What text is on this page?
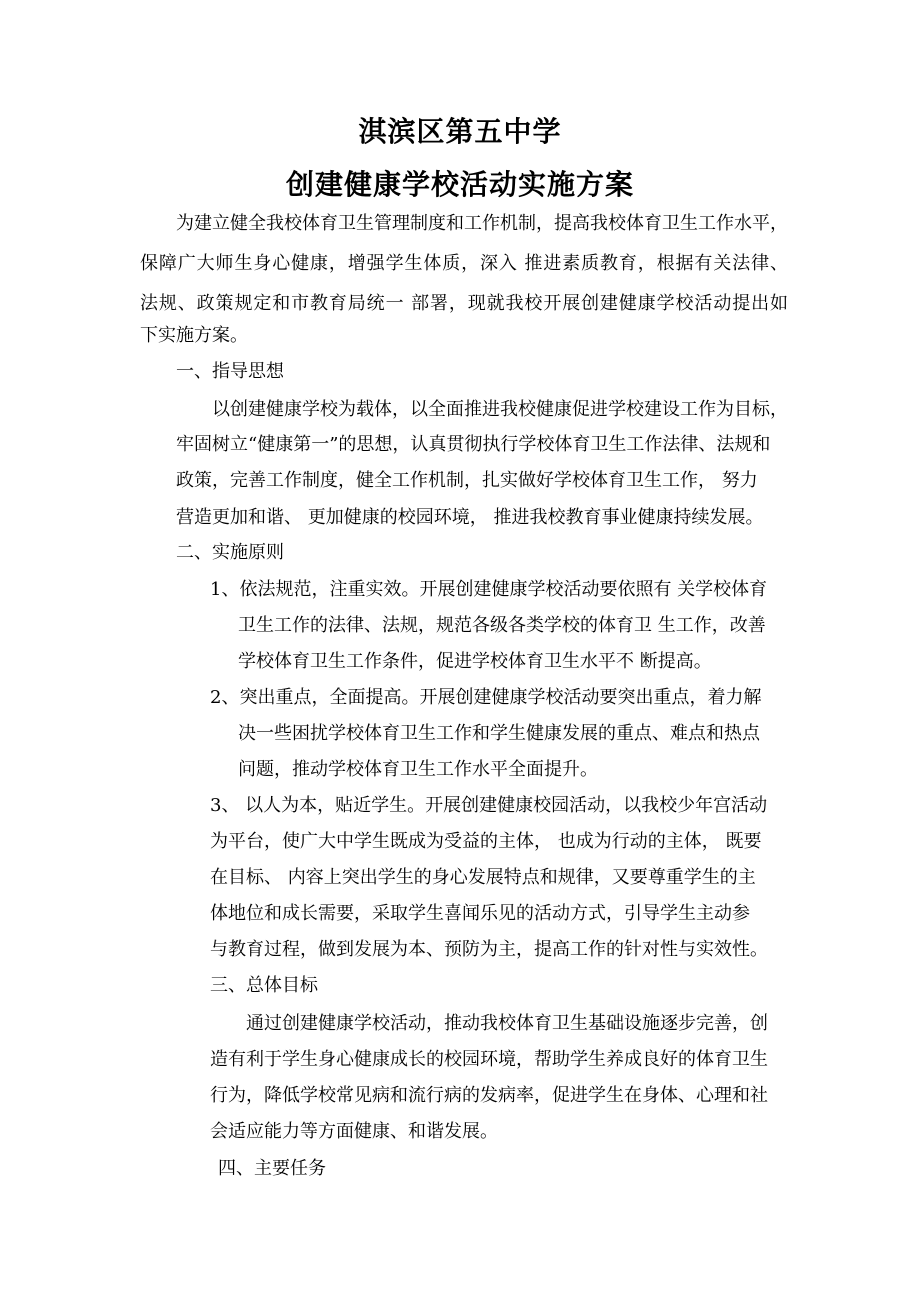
淇滨区第五中学
创建健康学校活动实施方案
为建立健全我校体育卫生管理制度和工作机制，提高我校体育卫生工作水平，
保障广大师生身心健康，增强学生体质，深入 推进素质教育，根据有关法律、
法规、政策规定和市教育局统一 部署，现就我校开展创建健康学校活动提出如
下实施方案。
一、指导思想
以创建健康学校为载体，以全面推进我校健康促进学校建设工作为目标，
牢固树立“健康第一”的思想，认真贯彻执行学校体育卫生工作法律、法规和
政策，完善工作制度，健全工作机制，扎实做好学校体育卫生工作， 努力
营造更加和谐、 更加健康的校园环境， 推进我校教育事业健康持续发展。
二、实施原则
1、依法规范，注重实效。开展创建健康学校活动要依照有 关学校体育
卫生工作的法律、法规，规范各级各类学校的体育卫 生工作，改善
学校体育卫生工作条件，促进学校体育卫生水平不 断提高。
2、突出重点，全面提高。开展创建健康学校活动要突出重点，着力解
决一些困扰学校体育卫生工作和学生健康发展的重点、难点和热点
问题，推动学校体育卫生工作水平全面提升。
3、 以人为本，贴近学生。开展创建健康校园活动，以我校少年宫活动
为平台，使广大中学生既成为受益的主体， 也成为行动的主体， 既要
在目标、 内容上突出学生的身心发展特点和规律，又要尊重学生的主
体地位和成长需要，采取学生喜闻乐见的活动方式，引导学生主动参
与教育过程，做到发展为本、预防为主，提高工作的针对性与实效性。
三、总体目标
通过创建健康学校活动，推动我校体育卫生基础设施逐步完善，创
造有利于学生身心健康成长的校园环境，帮助学生养成良好的体育卫生
行为，降低学校常见病和流行病的发病率，促进学生在身体、心理和社
会适应能力等方面健康、和谐发展。
四、主要任务
